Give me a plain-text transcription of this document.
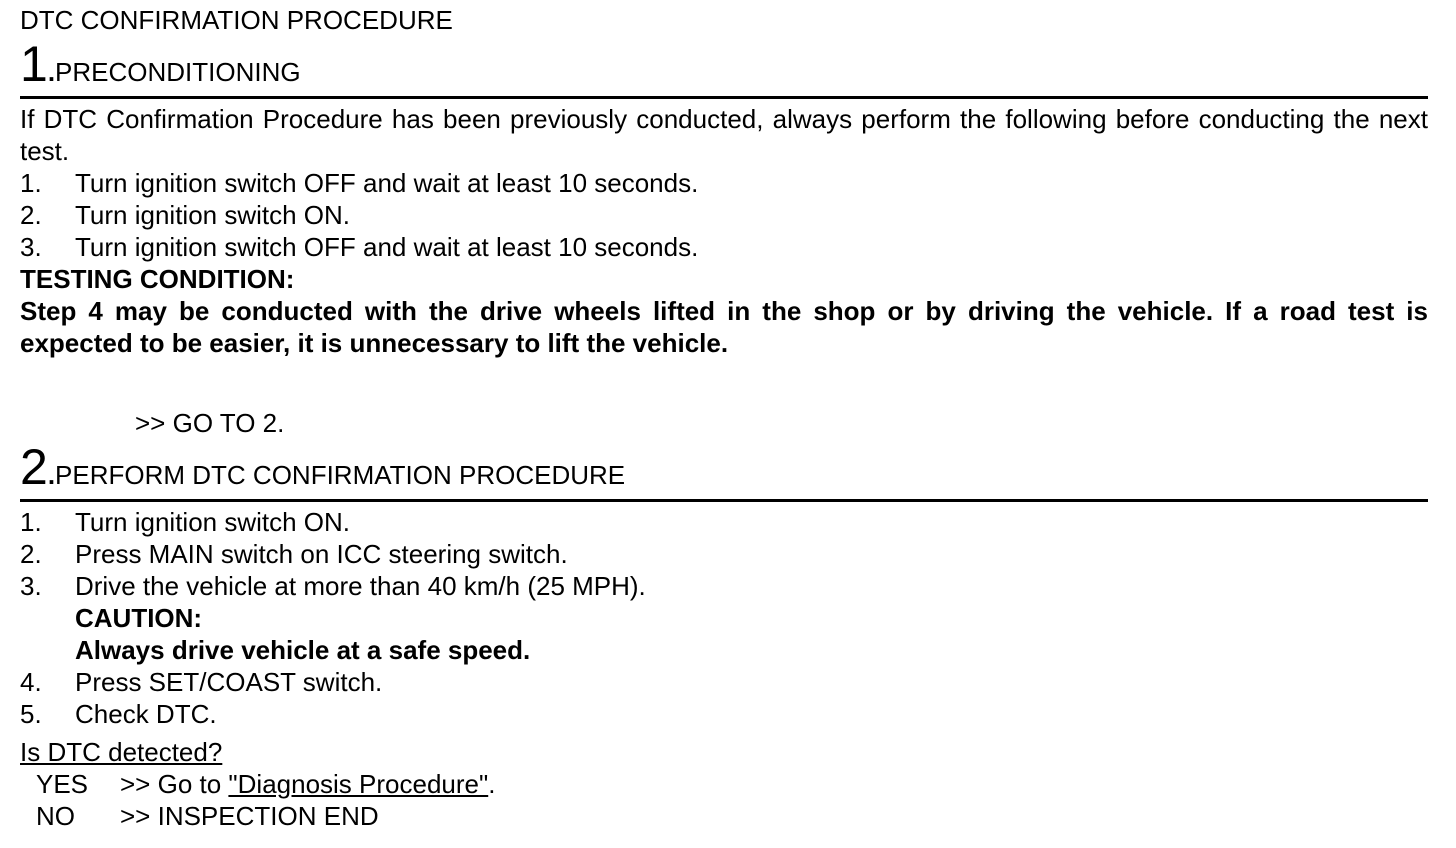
DTC CONFIRMATION PROCEDURE
1 . PRECONDITIONING
If DTC Confirmation Procedure has been previously conducted, always perform the following before conducting the next test.
1.	Turn ignition switch OFF and wait at least 10 seconds.
2.	Turn ignition switch ON.
3.	Turn ignition switch OFF and wait at least 10 seconds.
TESTING CONDITION:
Step 4 may be conducted with the drive wheels lifted in the shop or by driving the vehicle. If a road test is expected to be easier, it is unnecessary to lift the vehicle.
>> GO TO 2.
2 . PERFORM DTC CONFIRMATION PROCEDURE
1.	Turn ignition switch ON.
2.	Press MAIN switch on ICC steering switch.
3.	Drive the vehicle at more than 40 km/h (25 MPH).
CAUTION:
Always drive vehicle at a safe speed.
4.	Press SET/COAST switch.
5.	Check DTC.
Is DTC detected?
YES	>> Go to "Diagnosis Procedure".
NO	>> INSPECTION END
